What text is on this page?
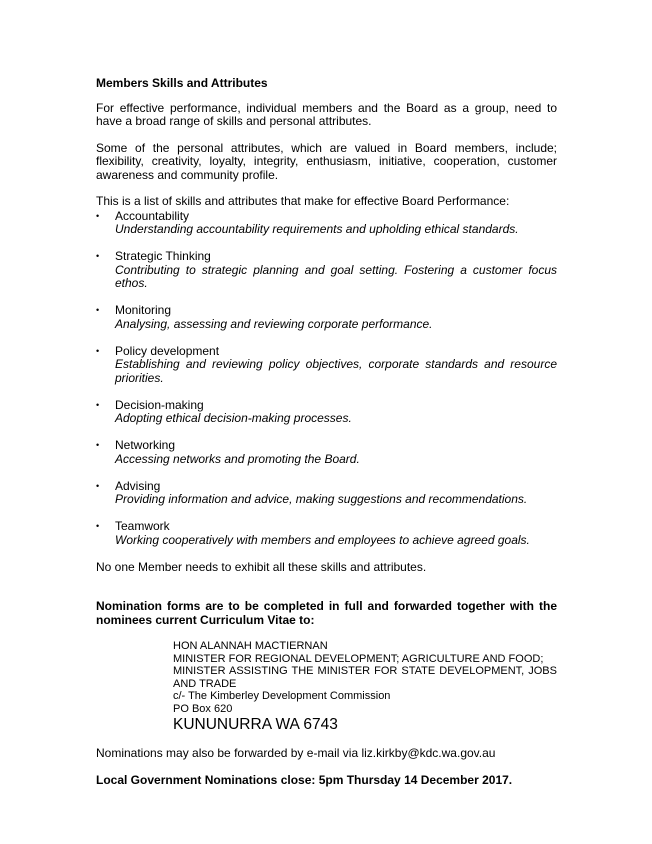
Members Skills and Attributes

For effective performance, individual members and the Board as a group, need to have a broad range of skills and personal attributes.

Some of the personal attributes, which are valued in Board members, include; flexibility, creativity, loyalty, integrity, enthusiasm, initiative, cooperation, customer awareness and community profile.

This is a list of skills and attributes that make for effective Board Performance:

• Accountability
Understanding accountability requirements and upholding ethical standards.
• Strategic Thinking
Contributing to strategic planning and goal setting. Fostering a customer focus ethos.
• Monitoring
Analysing, assessing and reviewing corporate performance.
• Policy development
Establishing and reviewing policy objectives, corporate standards and resource priorities.
• Decision-making
Adopting ethical decision-making processes.
• Networking
Accessing networks and promoting the Board.
• Advising
Providing information and advice, making suggestions and recommendations.
• Teamwork
Working cooperatively with members and employees to achieve agreed goals.

No one Member needs to exhibit all these skills and attributes.

Nomination forms are to be completed in full and forwarded together with the nominees current Curriculum Vitae to:

HON ALANNAH MACTIERNAN
MINISTER FOR REGIONAL DEVELOPMENT; AGRICULTURE AND FOOD;
MINISTER ASSISTING THE MINISTER FOR STATE DEVELOPMENT, JOBS AND TRADE
c/- The Kimberley Development Commission
PO Box 620
KUNUNURRA WA 6743

Nominations may also be forwarded by e-mail via liz.kirkby@kdc.wa.gov.au

Local Government Nominations close: 5pm Thursday 14 December 2017.
